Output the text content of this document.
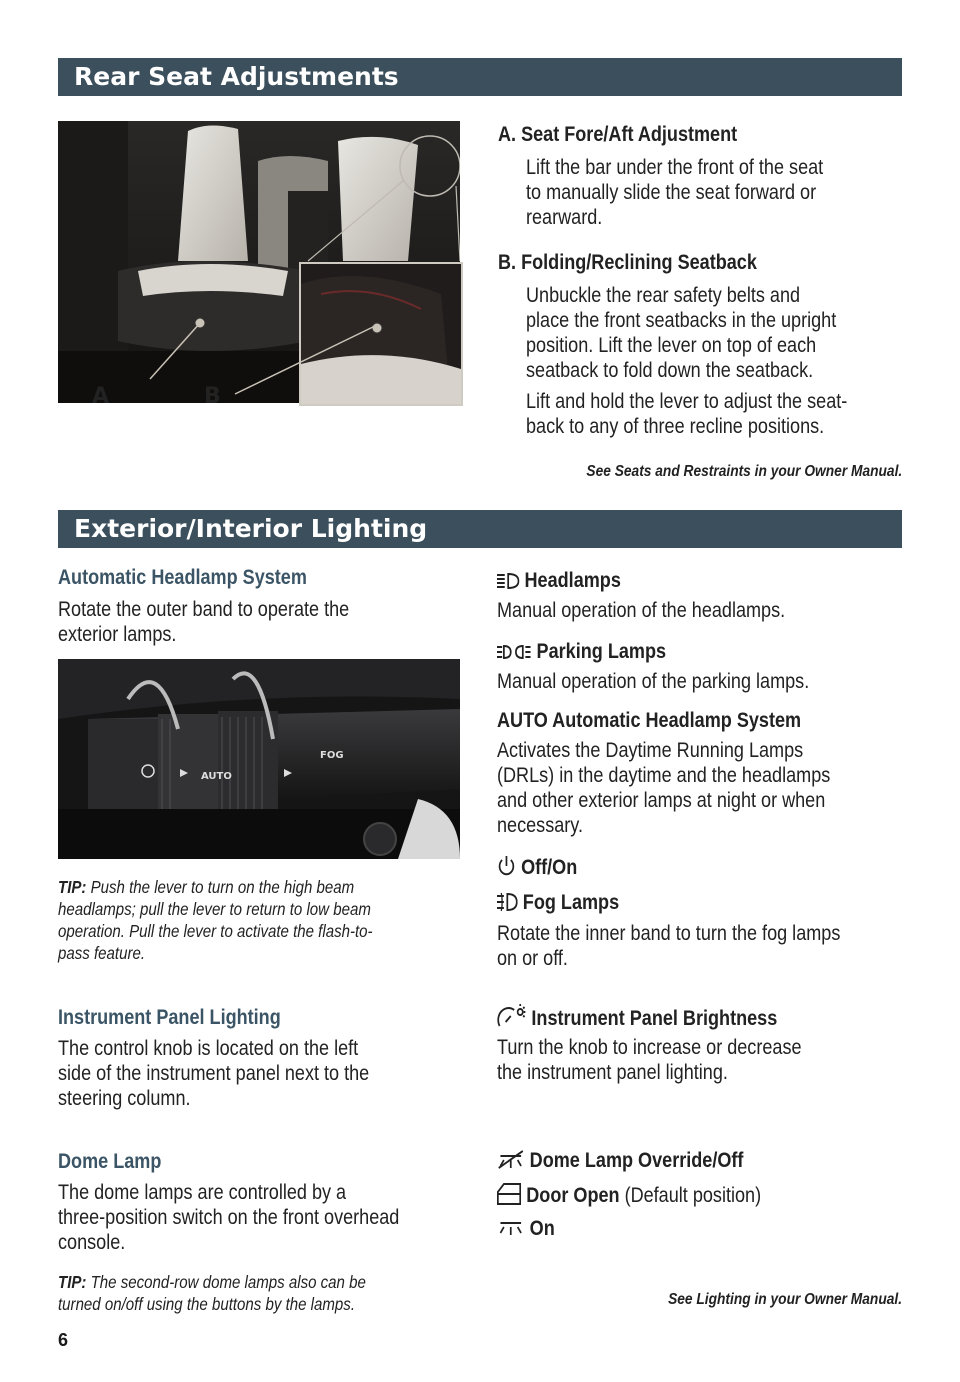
Rear Seat Adjustments
A	B
A. Seat Fore/Aft Adjustment
Lift the bar under the front of the seat
to manually slide the seat forward or
rearward.
B. Folding/Reclining Seatback
Unbuckle the rear safety belts and
place the front seatbacks in the upright
position. Lift the lever on top of each
seatback to fold down the seatback.
Lift and hold the lever to adjust the seat-
back to any of three recline positions.
See Seats and Restraints in your Owner Manual.
Exterior/Interior Lighting
Automatic Headlamp System
Rotate the outer band to operate the
exterior lamps.
AUTO
FOG
TIP: Push the lever to turn on the high beam
headlamps; pull the lever to return to low beam
operation. Pull the lever to activate the flash-to-
pass feature.
Instrument Panel Lighting
The control knob is located on the left
side of the instrument panel next to the
steering column.
Dome Lamp
The dome lamps are controlled by a
three-position switch on the front overhead
console.
TIP: The second-row dome lamps also can be
turned on/off using the buttons by the lamps.
Headlamps
Manual operation of the headlamps.
Parking Lamps
Manual operation of the parking lamps.
AUTO Automatic Headlamp System
Activates the Daytime Running Lamps
(DRLs) in the daytime and the headlamps
and other exterior lamps at night or when
necessary.
Off/On
Fog Lamps
Rotate the inner band to turn the fog lamps
on or off.
Instrument Panel Brightness
Turn the knob to increase or decrease
the instrument panel lighting.
Dome Lamp Override/Off
Door Open (Default position)
On
See Lighting in your Owner Manual.
6
